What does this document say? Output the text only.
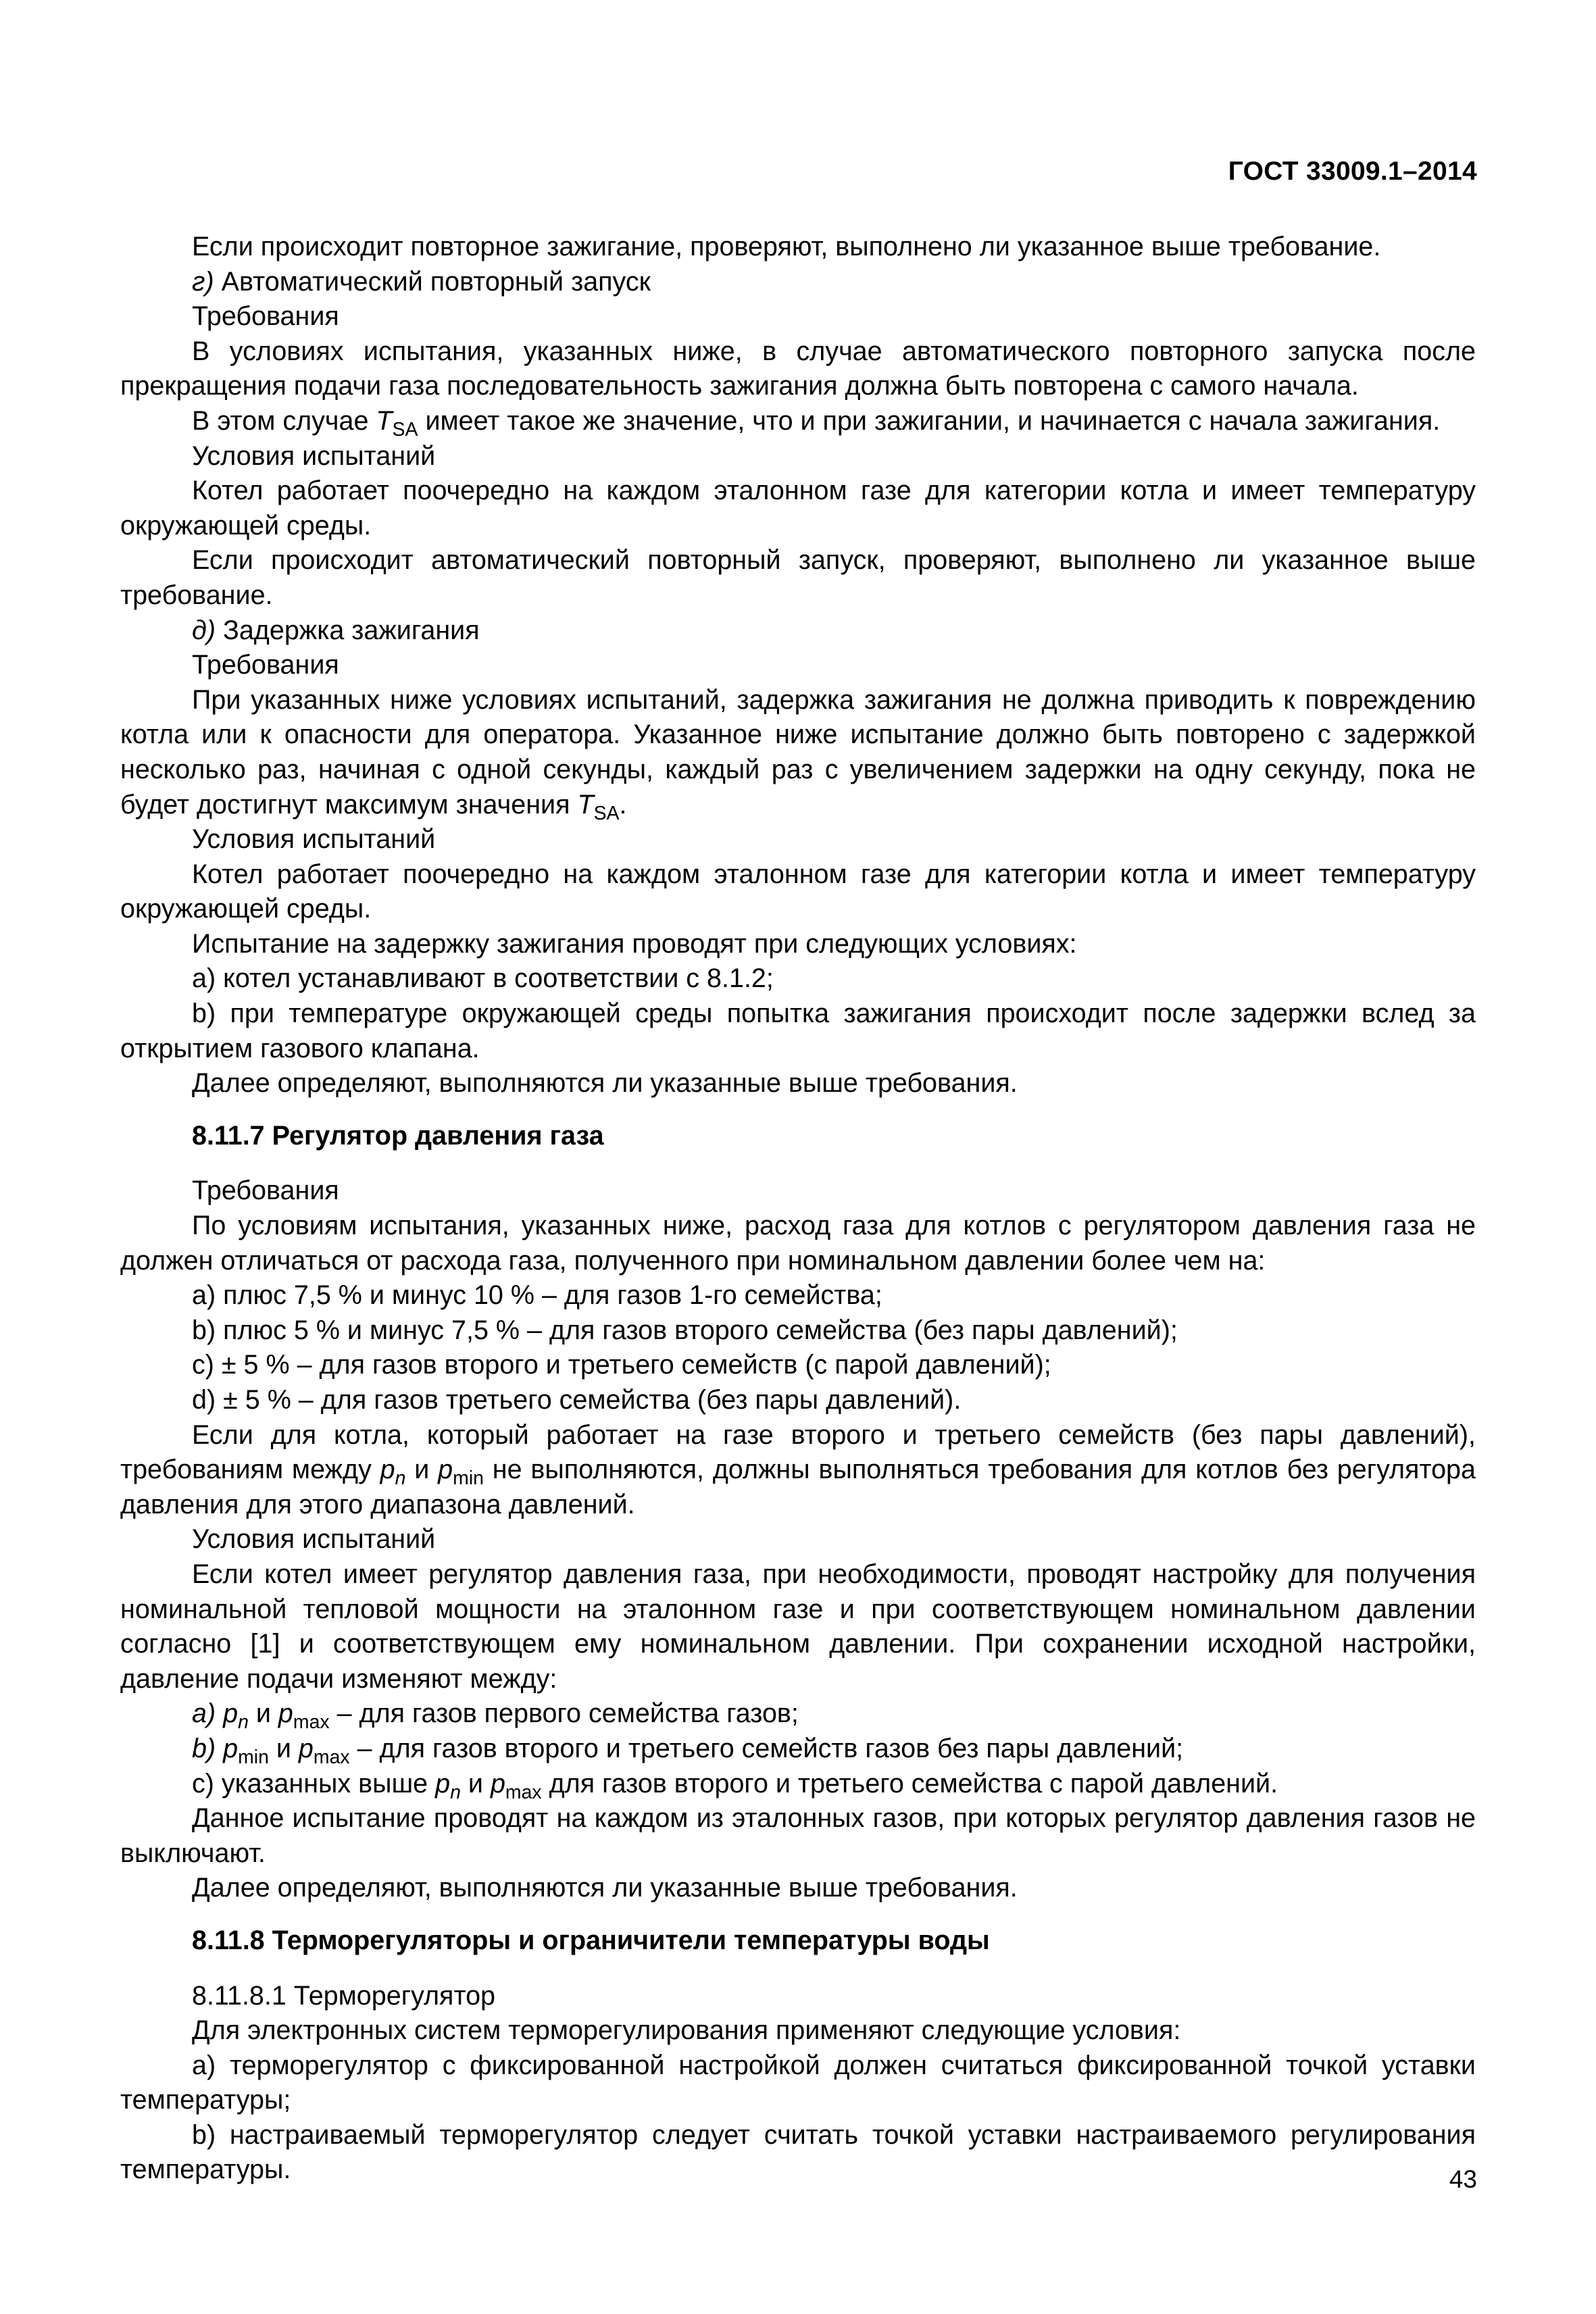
ГОСТ 33009.1–2014

Если происходит повторное зажигание, проверяют, выполнено ли указанное выше требование.

г) Автоматический повторный запуск

Требования

В условиях испытания, указанных ниже, в случае автоматического повторного запуска после прекращения подачи газа последовательность зажигания должна быть повторена с самого начала.

В этом случае $T_{SA}$ имеет такое же значение, что и при зажигании, и начинается с начала зажигания.

Условия испытаний

Котел работает поочередно на каждом эталонном газе для категории котла и имеет температуру окружающей среды.

Если происходит автоматический повторный запуск, проверяют, выполнено ли указанное выше требование.

д) Задержка зажигания

Требования

При указанных ниже условиях испытаний, задержка зажигания не должна приводить к повреждению котла или к опасности для оператора. Указанное ниже испытание должно быть повторено с задержкой несколько раз, начиная с одной секунды, каждый раз с увеличением задержки на одну секунду, пока не будет достигнут максимум значения $T_{SA}$.

Условия испытаний

Котел работает поочередно на каждом эталонном газе для категории котла и имеет температуру окружающей среды.

Испытание на задержку зажигания проводят при следующих условиях:

а) котел устанавливают в соответствии с 8.1.2;

b) при температуре окружающей среды попытка зажигания происходит после задержки вслед за открытием газового клапана.

Далее определяют, выполняются ли указанные выше требования.

8.11.7 Регулятор давления газа

Требования

По условиям испытания, указанных ниже, расход газа для котлов с регулятором давления газа не должен отличаться от расхода газа, полученного при номинальном давлении более чем на:

а) плюс 7,5 % и минус 10 % – для газов 1-го семейства;

b) плюс 5 % и минус 7,5 % – для газов второго семейства (без пары давлений);

с) ± 5 % – для газов второго и третьего семейств (с парой давлений);

d) ± 5 % – для газов третьего семейства (без пары давлений).

Если для котла, который работает на газе второго и третьего семейств (без пары давлений), требованиям между $p_n$ и $p_{min}$ не выполняются, должны выполняться требования для котлов без регулятора давления для этого диапазона давлений.

Условия испытаний

Если котел имеет регулятор давления газа, при необходимости, проводят настройку для получения номинальной тепловой мощности на эталонном газе и при соответствующем номинальном давлении согласно [1] и соответствующем ему номинальном давлении. При сохранении исходной настройки, давление подачи изменяют между:

а) $p_n$ и $p_{max}$ – для газов первого семейства газов;

b) $p_{min}$ и $p_{max}$ – для газов второго и третьего семейств газов без пары давлений;

с) указанных выше $p_n$ и $p_{max}$ для газов второго и третьего семейства с парой давлений.

Данное испытание проводят на каждом из эталонных газов, при которых регулятор давления газов не выключают.

Далее определяют, выполняются ли указанные выше требования.

8.11.8 Терморегуляторы и ограничители температуры воды

8.11.8.1 Терморегулятор

Для электронных систем терморегулирования применяют следующие условия:

а) терморегулятор с фиксированной настройкой должен считаться фиксированной точкой уставки температуры;

b) настраиваемый терморегулятор следует считать точкой уставки настраиваемого регулирования температуры.	43
